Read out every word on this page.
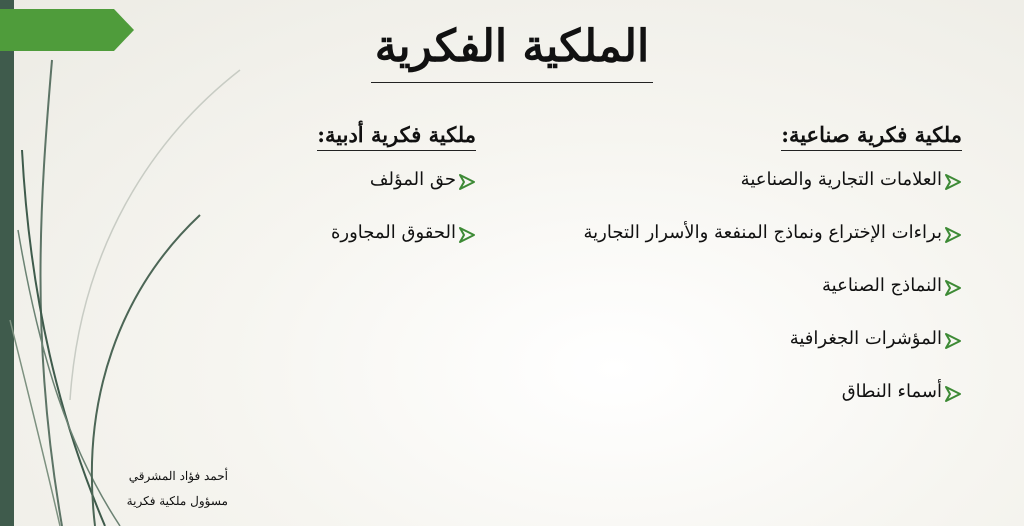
الملكية الفكرية
ملكية فكرية صناعية:
العلامات التجارية والصناعية
براءات الإختراع ونماذج المنفعة والأسرار التجارية
النماذج الصناعية
المؤشرات الجغرافية
أسماء النطاق
ملكية فكرية أدبية:
حق المؤلف
الحقوق المجاورة
أحمد فؤاد المشرقي
مسؤول ملكية فكرية
